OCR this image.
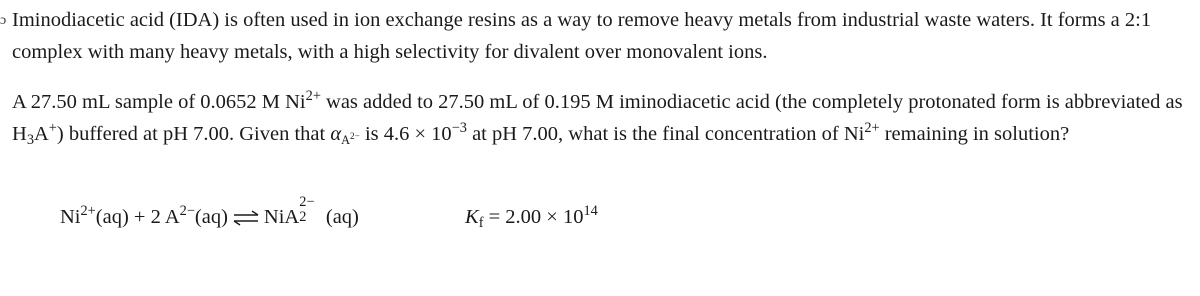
ɔ Iminodiacetic acid (IDA) is often used in ion exchange resins as a way to remove heavy metals from industrial waste waters. It forms a 2:1 complex with many heavy metals, with a high selectivity for divalent over monovalent ions.

A 27.50 mL sample of 0.0652 M $Ni^{2+}$ was added to 27.50 mL of 0.195 M iminodiacetic acid (the completely protonated form is abbreviated as $H_3A^+$) buffered at pH 7.00. Given that $\alpha_{A^{2-}}$ is $4.6 \times 10^{-3}$ at pH 7.00, what is the final concentration of $Ni^{2+}$ remaining in solution?

$Ni^{2+}(aq) + 2$ $A^{2-}(aq)$ ⇌ NiA
2−
2 (aq)	$K_f = 2.00 \times 10^{14}$
